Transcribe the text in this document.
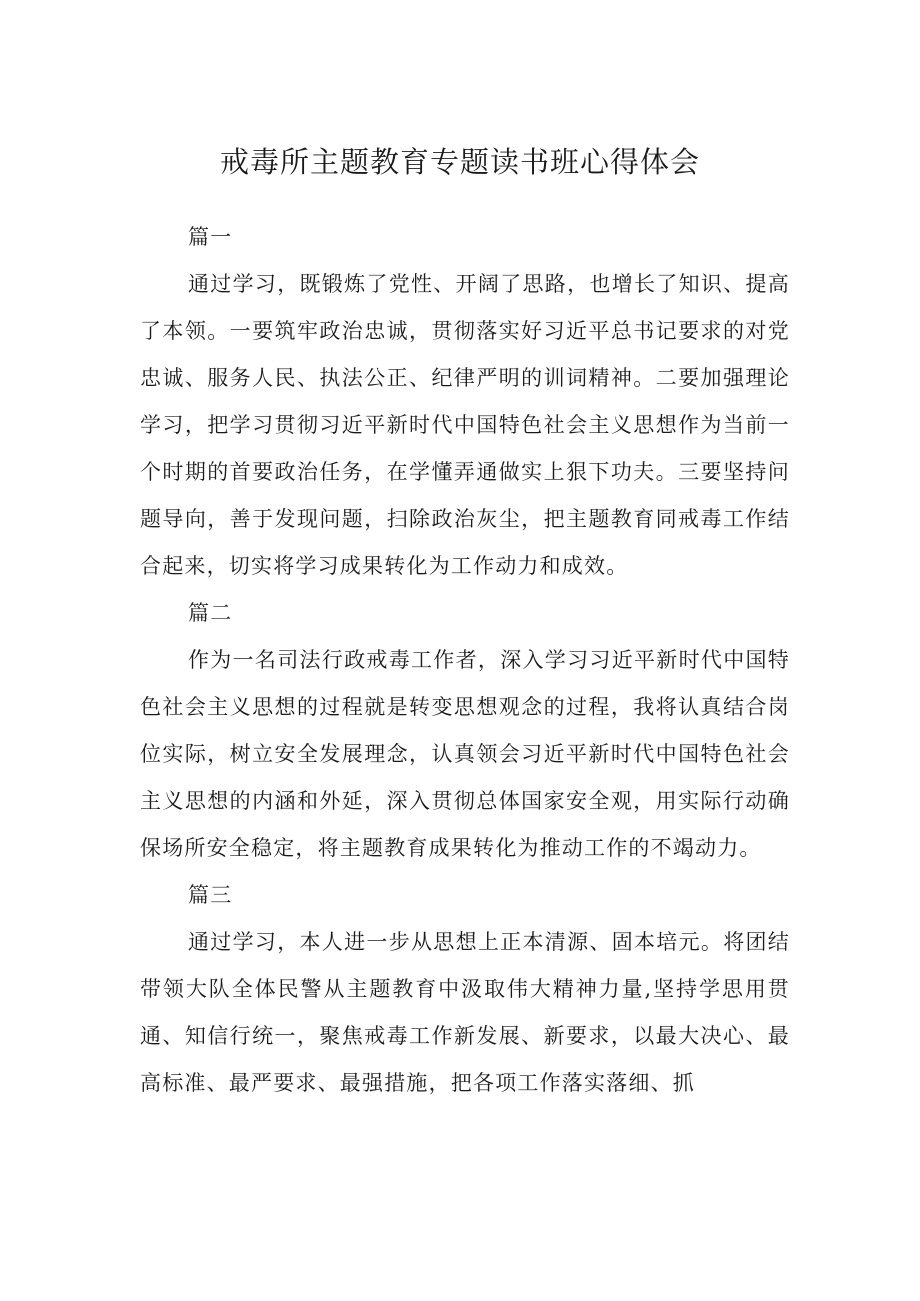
戒毒所主题教育专题读书班心得体会

篇一

通过学习，既锻炼了党性、开阔了思路，也增长了知识、提高了本领。一要筑牢政治忠诚，贯彻落实好习近平总书记要求的对党忠诚、服务人民、执法公正、纪律严明的训词精神。二要加强理论学习，把学习贯彻习近平新时代中国特色社会主义思想作为当前一个时期的首要政治任务，在学懂弄通做实上狠下功夫。三要坚持问题导向，善于发现问题，扫除政治灰尘，把主题教育同戒毒工作结合起来，切实将学习成果转化为工作动力和成效。

篇二

作为一名司法行政戒毒工作者，深入学习习近平新时代中国特色社会主义思想的过程就是转变思想观念的过程，我将认真结合岗位实际，树立安全发展理念，认真领会习近平新时代中国特色社会主义思想的内涵和外延，深入贯彻总体国家安全观，用实际行动确保场所安全稳定，将主题教育成果转化为推动工作的不竭动力。

篇三

通过学习，本人进一步从思想上正本清源、固本培元。将团结带领大队全体民警从主题教育中汲取伟大精神力量,坚持学思用贯通、知信行统一，聚焦戒毒工作新发展、新要求，以最大决心、最高标准、最严要求、最强措施，把各项工作落实落细、抓
